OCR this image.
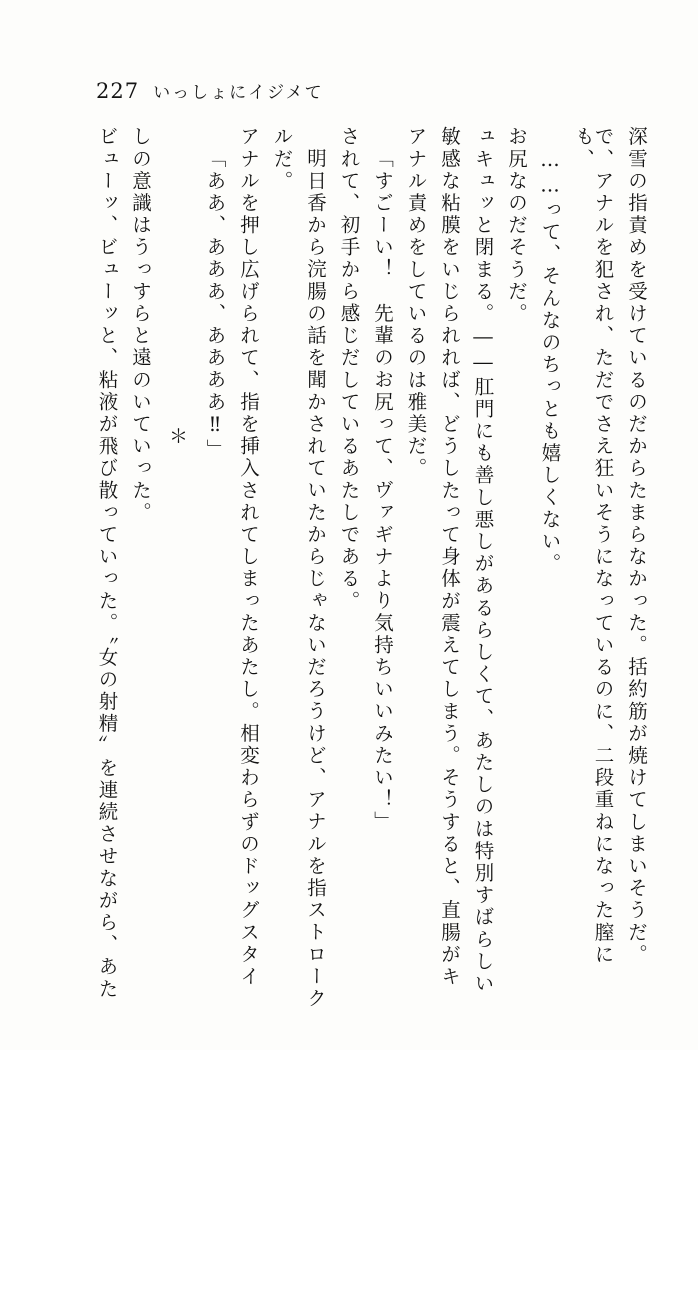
227 いっしょにイジメて
ビューッ、ビューッと、粘液が飛び散っていった。〝女の射精〟を連続させながら、あた しの意識はうっすらと遠のいていった。 ＊ 「ああ、あああ、ああああ‼」 アナルを押し広げられて、指を挿入されてしまったあたし。相変わらずのドッグスタイ ルだ。 明日香から浣腸の話を聞かされていたからじゃないだろうけど、アナルを指ストローク されて、初手から感じだしているあたしである。 「すごーい！　先輩のお尻って、ヴァギナより気持ちいいみたい！」 アナル責めをしているのは雅美だ。 敏感な粘膜をいじられれば、どうしたって身体が震えてしまう。そうすると、直腸がキ ュキュッと閉まる。――肛門にも善し悪しがあるらしくて、あたしのは特別すばらしい お尻なのだそうだ。 ……って、そんなのちっとも嬉しくない。	で、アナルを犯され、ただでさえ狂いそうになっているのに、二段重ねになった膣にも、	深雪の指責めを受けているのだからたまらなかった。括約筋が焼けてしまいそうだ。
